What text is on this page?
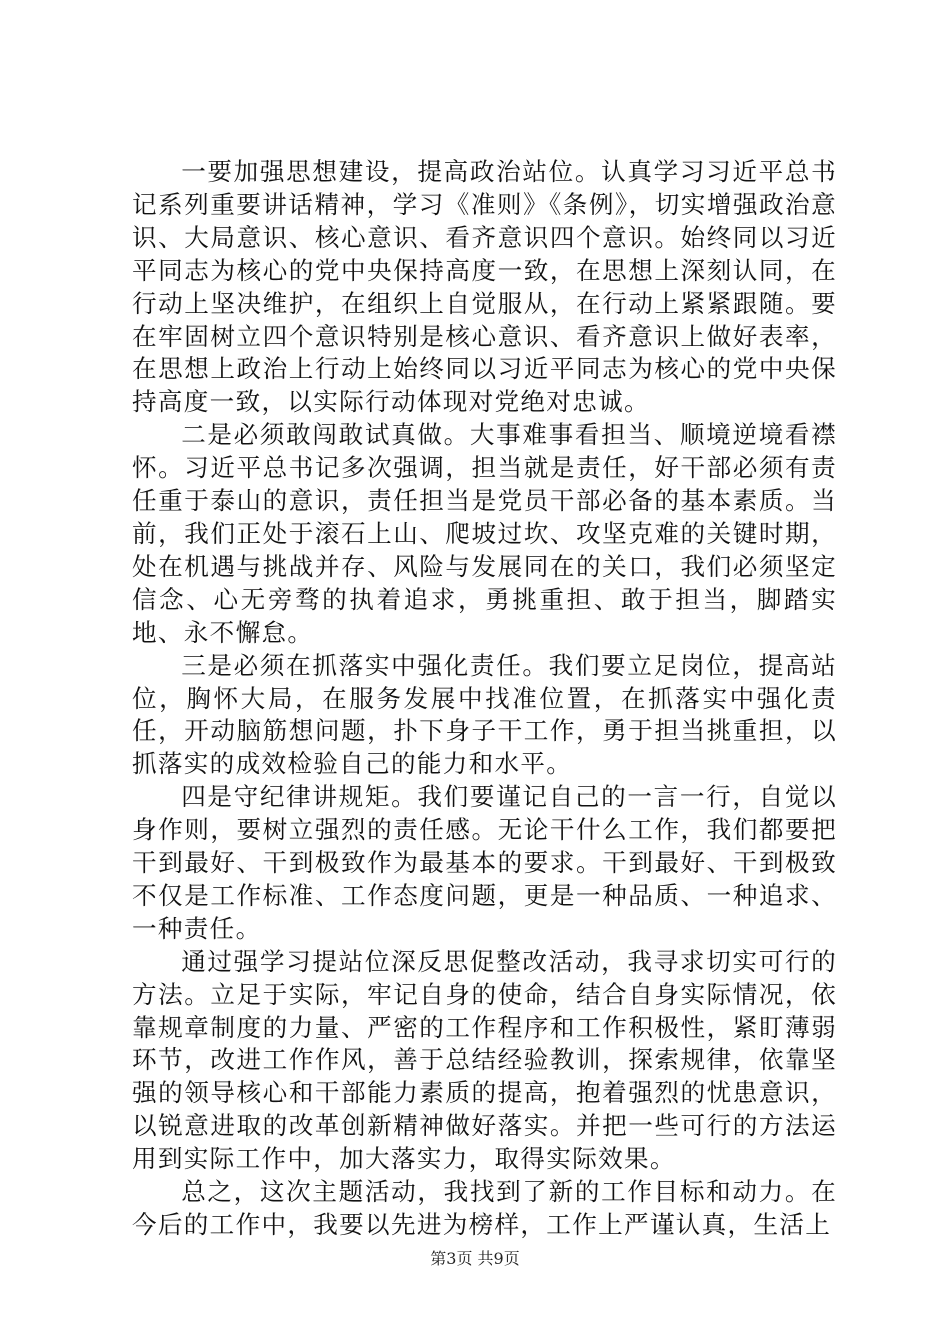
一要加强思想建设，提高政治站位。认真学习习近平总书记系列重要讲话精神，学习《准则》《条例》，切实增强政治意识、大局意识、核心意识、看齐意识四个意识。始终同以习近平同志为核心的党中央保持高度一致，在思想上深刻认同，在行动上坚决维护，在组织上自觉服从，在行动上紧紧跟随。要在牢固树立四个意识特别是核心意识、看齐意识上做好表率，在思想上政治上行动上始终同以习近平同志为核心的党中央保持高度一致，以实际行动体现对党绝对忠诚。

二是必须敢闯敢试真做。大事难事看担当、顺境逆境看襟怀。习近平总书记多次强调，担当就是责任，好干部必须有责任重于泰山的意识，责任担当是党员干部必备的基本素质。当前，我们正处于滚石上山、爬坡过坎、攻坚克难的关键时期，处在机遇与挑战并存、风险与发展同在的关口，我们必须坚定信念、心无旁骛的执着追求，勇挑重担、敢于担当，脚踏实地、永不懈怠。

三是必须在抓落实中强化责任。我们要立足岗位，提高站位，胸怀大局，在服务发展中找准位置，在抓落实中强化责任，开动脑筋想问题，扑下身子干工作，勇于担当挑重担，以抓落实的成效检验自己的能力和水平。

四是守纪律讲规矩。我们要谨记自己的一言一行，自觉以身作则，要树立强烈的责任感。无论干什么工作，我们都要把干到最好、干到极致作为最基本的要求。干到最好、干到极致不仅是工作标准、工作态度问题，更是一种品质、一种追求、一种责任。

通过强学习提站位深反思促整改活动，我寻求切实可行的方法。立足于实际，牢记自身的使命，结合自身实际情况，依靠规章制度的力量、严密的工作程序和工作积极性，紧盯薄弱环节，改进工作作风，善于总结经验教训，探索规律，依靠坚强的领导核心和干部能力素质的提高，抱着强烈的忧患意识，以锐意进取的改革创新精神做好落实。并把一些可行的方法运用到实际工作中，加大落实力，取得实际效果。

总之，这次主题活动，我找到了新的工作目标和动力。在今后的工作中，我要以先进为榜样，工作上严谨认真，生活上

第3页 共9页
